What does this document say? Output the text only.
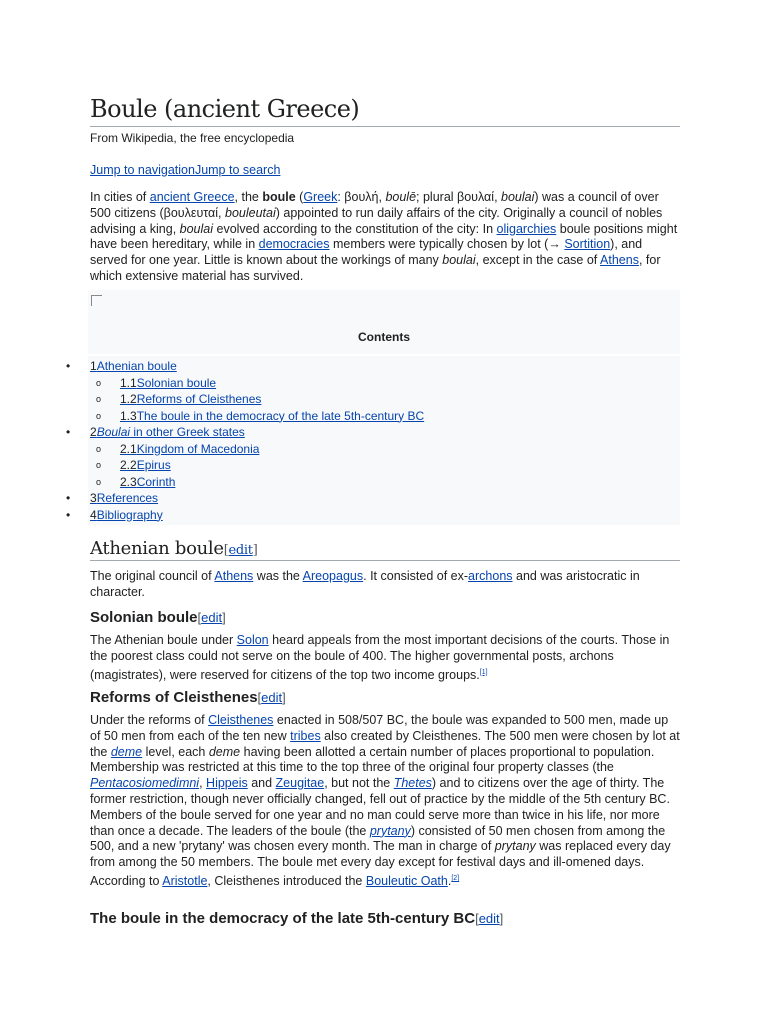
Boule (ancient Greece)
From Wikipedia, the free encyclopedia
Jump to navigationJump to search

In cities of ancient Greece, the boule (Greek: βουλή, boulē; plural βουλαί, boulai) was a council of over 500 citizens (βουλευταί, bouleutai) appointed to run daily affairs of the city. Originally a council of nobles advising a king, boulai evolved according to the constitution of the city: In oligarchies boule positions might have been hereditary, while in democracies members were typically chosen by lot (→ Sortition), and served for one year. Little is known about the workings of many boulai, except in the case of Athens, for which extensive material has survived.

Contents
• 1Athenian boule
o 1.1Solonian boule
o 1.2Reforms of Cleisthenes
o 1.3The boule in the democracy of the late 5th-century BC
• 2Boulai in other Greek states
o 2.1Kingdom of Macedonia
o 2.2Epirus
o 2.3Corinth
• 3References
• 4Bibliography
Athenian boule[edit]

The original council of Athens was the Areopagus. It consisted of ex-archons and was aristocratic in character.

Solonian boule[edit]

The Athenian boule under Solon heard appeals from the most important decisions of the courts. Those in the poorest class could not serve on the boule of 400. The higher governmental posts, archons (magistrates), were reserved for citizens of the top two income groups.[1]

Reforms of Cleisthenes[edit]

Under the reforms of Cleisthenes enacted in 508/507 BC, the boule was expanded to 500 men, made up of 50 men from each of the ten new tribes also created by Cleisthenes. The 500 men were chosen by lot at the deme level, each deme having been allotted a certain number of places proportional to population. Membership was restricted at this time to the top three of the original four property classes (the Pentacosiomedimni, Hippeis and Zeugitae, but not the Thetes) and to citizens over the age of thirty. The former restriction, though never officially changed, fell out of practice by the middle of the 5th century BC. Members of the boule served for one year and no man could serve more than twice in his life, nor more than once a decade. The leaders of the boule (the prytany) consisted of 50 men chosen from among the 500, and a new 'prytany' was chosen every month. The man in charge of prytany was replaced every day from among the 50 members. The boule met every day except for festival days and ill-omened days. According to Aristotle, Cleisthenes introduced the Bouleutic Oath.[2]

The boule in the democracy of the late 5th-century BC[edit]
